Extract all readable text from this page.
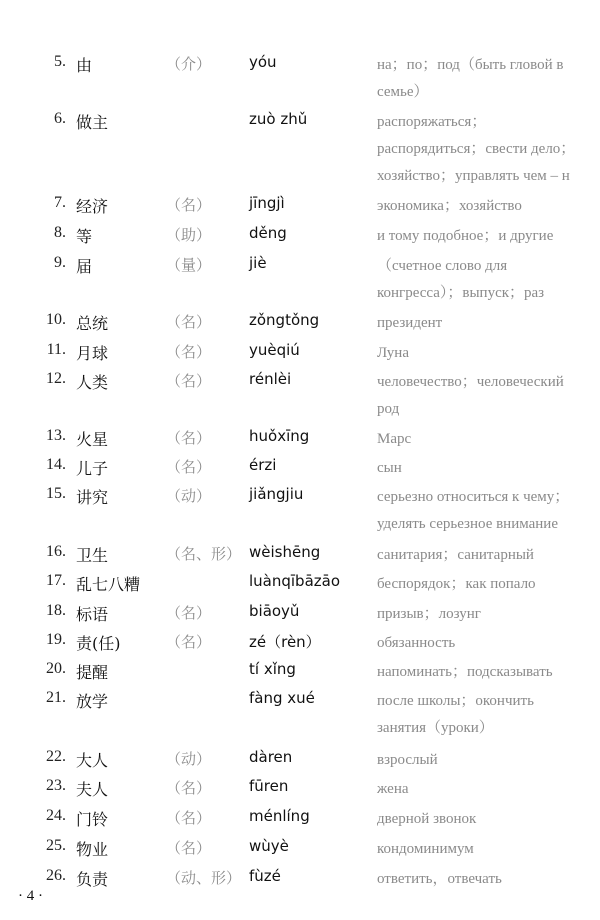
5. 由	（介）	yóu	на；по；под（быть гловой в
семье）
6. 做主	zuò zhǔ	распоряжаться；
распорядиться；свести дело；
хозяйство；управлять чем – н
7. 经济	（名）	jīngjì	экономика；хозяйство
8. 等	（助）	děng	и тому подобное；и другие
9. 届	（量）	jiè	（счетное слово для
конгресса）；выпуск；раз
10. 总统	（名）	zǒngtǒng	президент
11. 月球	（名）	yuèqiú	Луна
12. 人类	（名）	rénlèi	человечество；человеческий
род
13. 火星	（名）	huǒxīng	Марс
14. 儿子	（名）	érzi	сын
15. 讲究	（动）	jiǎngjiu	серьезно относиться к чему；
уделять серьезное внимание
16. 卫生	（名、形） wèishēng	санитария；санитарный
17. 乱七八糟	luànqībāzāo беспорядок；как попало
18. 标语	（名）	biāoyǔ	призыв；лозунг
19. 责(任)	（名）	zé（rèn）	обязанность
20. 提醒	tí xǐng	напоминать；подсказывать
21. 放学	fàng xué	после школы；окончить
занятия（уроки）
22. 大人	（动）	dàren	взрослый
23. 夫人	（名）	fūren	жена
24. 门铃	（名）	ménlíng	дверной звонок
25. 物业	（名）	wùyè	кондоминимум
26. 负责	（动、形） fùzé	ответить，отвечать
· 4 ·
